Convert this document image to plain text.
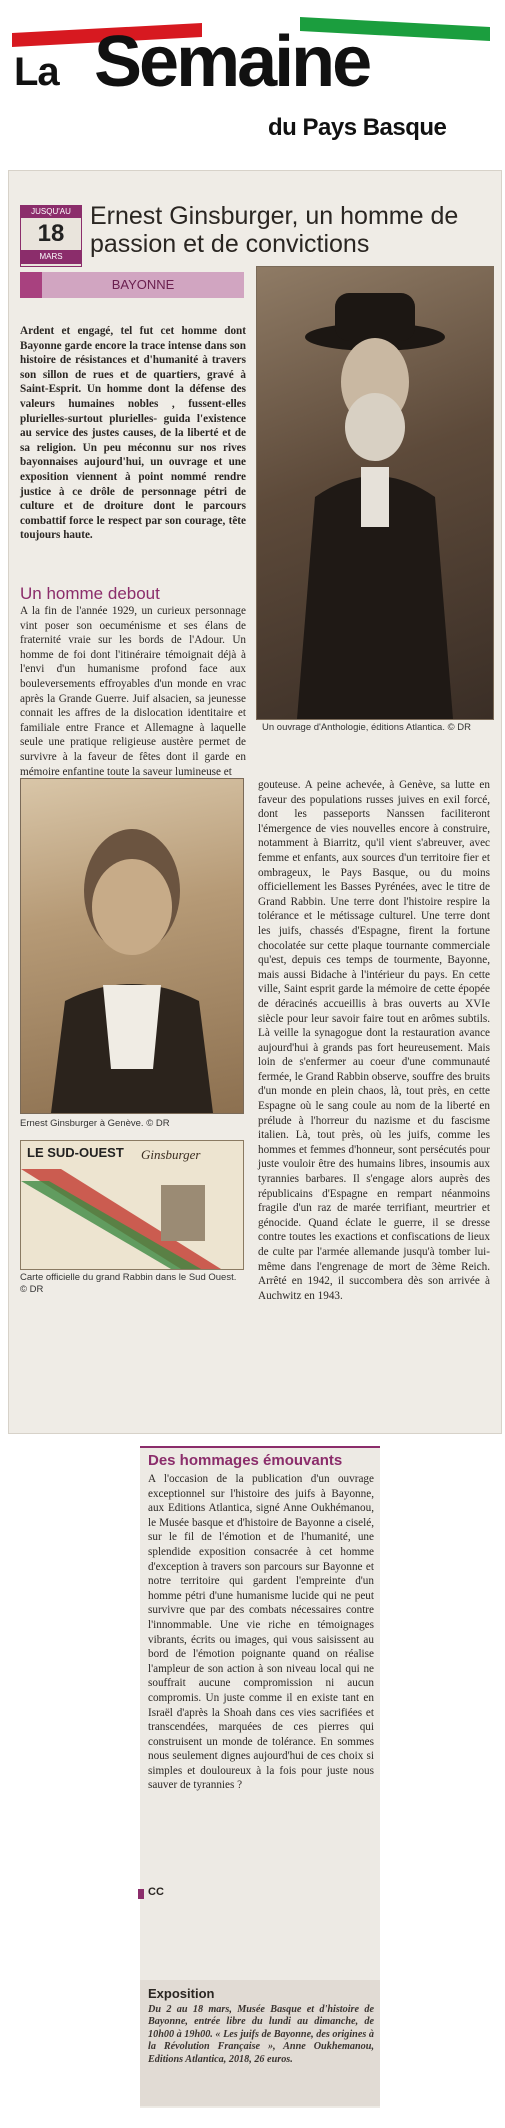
La Semaine
du Pays Basque
JUSQU'AU
18
MARS
Ernest Ginsburger, un homme de passion et de convictions
BAYONNE
Ardent et engagé, tel fut cet homme dont Bayonne garde encore la trace intense dans son histoire de résistances et d'humanité à travers son sillon de rues et de quartiers, gravé à Saint-Esprit. Un homme dont la défense des valeurs humaines nobles , fussent-elles plurielles-surtout plurielles- guida l'existence au service des justes causes, de la liberté et de sa religion. Un peu méconnu sur nos rives bayonnaises aujourd'hui, un ouvrage et une exposition viennent à point nommé rendre justice à ce drôle de personnage pétri de culture et de droiture dont le parcours combattif force le respect par son courage, tête toujours haute.
Un homme debout
A la fin de l'année 1929, un curieux personnage vint poser son oecuménisme et ses élans de fraternité vraie sur les bords de l'Adour. Un homme de foi dont l'itinéraire témoignait déjà à l'envi d'un humanisme profond face aux bouleversements effroyables d'un monde en vrac après la Grande Guerre. Juif alsacien, sa jeunesse connait les affres de la dislocation identitaire et familiale entre France et Allemagne à laquelle seule une pratique religieuse austère permet de survivre à la faveur de fêtes dont il garde en mémoire enfantine toute la saveur lumineuse et
Un ouvrage d'Anthologie, éditions Atlantica. © DR
Ernest Ginsburger à Genève. © DR
LE SUD-OUEST Ginsburger
Carte officielle du grand Rabbin dans le Sud Ouest. © DR
gouteuse. A peine achevée, à Genève, sa lutte en faveur des populations russes juives en exil forcé, dont les passeports Nanssen faciliteront l'émergence de vies nouvelles encore à construire, notamment à Biarritz, qu'il vient s'abreuver, avec femme et enfants, aux sources d'un territoire fier et ombrageux, le Pays Basque, ou du moins officiellement les Basses Pyrénées, avec le titre de Grand Rabbin. Une terre dont l'histoire respire la tolérance et le métissage culturel. Une terre dont les juifs, chassés d'Espagne, firent la fortune chocolatée sur cette plaque tournante commerciale qu'est, depuis ces temps de tourmente, Bayonne, mais aussi Bidache à l'intérieur du pays. En cette ville, Saint esprit garde la mémoire de cette épopée de déracinés accueillis à bras ouverts au XVIe siècle pour leur savoir faire tout en arômes subtils. Là veille la synagogue dont la restauration avance aujourd'hui à grands pas fort heureusement. Mais loin de s'enfermer au coeur d'une communauté fermée, le Grand Rabbin observe, souffre des bruits d'un monde en plein chaos, là, tout près, en cette Espagne où le sang coule au nom de la liberté en prélude à l'horreur du nazisme et du fascisme italien. Là, tout près, où les juifs, comme les hommes et femmes d'honneur, sont persécutés pour juste vouloir être des humains libres, insoumis aux tyrannies barbares. Il s'engage alors auprès des républicains d'Espagne en rempart néanmoins fragile d'un raz de marée terrifiant, meurtrier et génocide. Quand éclate le guerre, il se dresse contre toutes les exactions et confiscations de lieux de culte par l'armée allemande jusqu'à tomber lui-même dans l'engrenage de mort de 3ème Reich. Arrêté en 1942, il succombera dès son arrivée à Auchwitz en 1943.
Des hommages émouvants
A l'occasion de la publication d'un ouvrage exceptionnel sur l'histoire des juifs à Bayonne, aux Editions Atlantica, signé Anne Oukhémanou, le Musée basque et d'histoire de Bayonne a ciselé, sur le fil de l'émotion et de l'humanité, une splendide exposition consacrée à cet homme d'exception à travers son parcours sur Bayonne et notre territoire qui gardent l'empreinte d'un homme pétri d'une humanisme lucide qui ne peut survivre que par des combats nécessaires contre l'innommable. Une vie riche en témoignages vibrants, écrits ou images, qui vous saisissent au bord de l'émotion poignante quand on réalise l'ampleur de son action à son niveau local qui ne souffrait aucune compromission ni aucun compromis. Un juste comme il en existe tant en Israël d'après la Shoah dans ces vies sacrifiées et transcendées, marquées de ces pierres qui construisent un monde de tolérance. En sommes nous seulement dignes aujourd'hui de ces choix si simples et douloureux à la fois pour juste nous sauver de tyrannies ?
CC
Exposition
Du 2 au 18 mars, Musée Basque et d'histoire de Bayonne, entrée libre du lundi au dimanche, de 10h00 à 19h00. « Les juifs de Bayonne, des origines à la Révolution Française », Anne Oukhemanou, Editions Atlantica, 2018, 26 euros.
